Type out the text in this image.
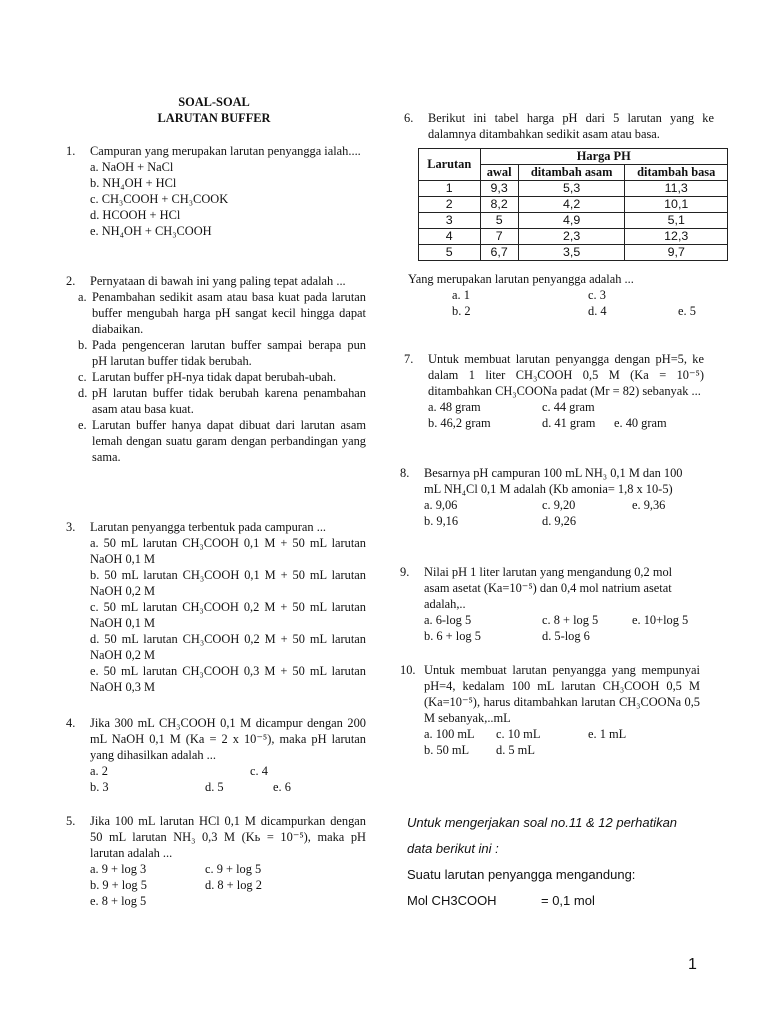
SOAL-SOAL
LARUTAN BUFFER
1. Campuran yang merupakan larutan penyangga ialah....
a. NaOH + NaCl
b. NH₄OH + HCl
c. CH₃COOH + CH₃COOK
d. HCOOH + HCl
e. NH₄OH + CH₃COOH
2. Pernyataan di bawah ini yang paling tepat adalah ...
a. Penambahan sedikit asam atau basa kuat pada larutan buffer mengubah harga pH sangat kecil hingga dapat diabaikan.
b. Pada pengenceran larutan buffer sampai berapa pun pH larutan buffer tidak berubah.
c. Larutan buffer pH-nya tidak dapat berubah-ubah.
d. pH larutan buffer tidak berubah karena penambahan asam atau basa kuat.
e. Larutan buffer hanya dapat dibuat dari larutan asam lemah dengan suatu garam dengan perbandingan yang sama.
3. Larutan penyangga terbentuk pada campuran ...
a. 50 mL larutan CH₃COOH 0,1 M + 50 mL larutan NaOH 0,1 M
b. 50 mL larutan CH₃COOH 0,1 M + 50 mL larutan NaOH 0,2 M
c. 50 mL larutan CH₃COOH 0,2 M + 50 mL larutan NaOH 0,1 M
d. 50 mL larutan CH₃COOH 0,2 M + 50 mL larutan NaOH 0,2 M
e. 50 mL larutan CH₃COOH 0,3 M + 50 mL larutan NaOH 0,3 M
4. Jika 300 mL CH₃COOH 0,1 M dicampur dengan 200 mL NaOH 0,1 M (Ka = 2 x 10⁻⁵), maka pH larutan yang dihasilkan adalah ...
a. 2	c. 4
b. 3	d. 5	e. 6
5. Jika 100 mL larutan HCl 0,1 M dicampurkan dengan 50 mL larutan NH₃ 0,3 M (Kь = 10⁻⁵), maka pH larutan adalah ...
a. 9 + log 3	c. 9 + log 5
b. 9 + log 5	d. 8 + log 2
e. 8 + log 5
6. Berikut ini tabel harga pH dari 5 larutan yang ke dalamnya ditambahkan sedikit asam atau basa.
Larutan	Harga PH		
	awal	ditambah asam	ditambah basa
1	9,3	5,3	11,3
2	8,2	4,2	10,1
3	5	4,9	5,1
4	7	2,3	12,3
5	6,7	3,5	9,7
Yang merupakan larutan penyangga adalah ...
a. 1	c. 3
b. 2	d. 4	e. 5
7. Untuk membuat larutan penyangga dengan pH=5, ke dalam 1 liter CH₃COOH 0,5 M (Ka = 10⁻⁵) ditambahkan CH₃COONa padat (Mr = 82) sebanyak ...
a. 48 gram	c. 44 gram
b. 46,2 gram	d. 41 gram	e. 40 gram
8. Besarnya pH campuran 100 mL NH₃ 0,1 M dan 100 mL NH₄Cl 0,1 M adalah (Kb amonia= 1,8 x 10-5)
a. 9,06	c. 9,20	e. 9,36
b. 9,16	d. 9,26
9. Nilai pH 1 liter larutan yang mengandung 0,2 mol asam asetat (Ka=10⁻⁵) dan 0,4 mol natrium asetat adalah,..
a. 6-log 5	c. 8 + log 5	e. 10+log 5
b. 6 + log 5	d. 5-log 6
10. Untuk membuat larutan penyangga yang mempunyai pH=4, kedalam 100 mL larutan CH₃COOH 0,5 M (Ka=10⁻⁵), harus ditambahkan larutan CH₃COONa 0,5 M sebanyak,..mL
a. 100 mL	c. 10 mL	e. 1 mL
b. 50 mL	d. 5 mL
Untuk mengerjakan soal no.11 & 12 perhatikan
data berikut ini :
Suatu larutan penyangga mengandung:
Mol CH3COOH	= 0,1 mol
1
